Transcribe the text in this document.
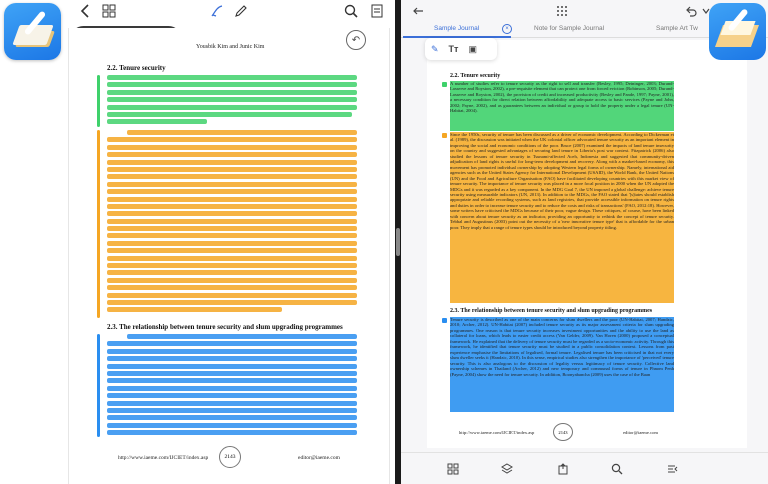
Yousbik Kim and Junic Kim
↶
2.2. Tenure security
2.3. The relationship between tenure security and slum upgrading programmes
http://www.iaeme.com/IJCIET/index.asp	2143	editor@iaeme.com
Sample Journal	Note for Sample Journal	Sample Art Tw
×
✎ Tт ▣
2.2. Tenure security
A number of studies refer to tenure security as the right to sell and transfer (Besley, 1995; Deininger, 2003; Durand-Lasserve and Royston, 2002), a pre-requisite element that can protect one from forced eviction (Robinson, 2005; Durand-Lasserve and Royston, 2002), the provision of credit and increased productivity (Besley and Pande, 1997; Payne, 2001), a necessary condition for direct relation between affordability and adequate access to basic services (Payne and John, 2002; Payne, 2002), and as guarantees between an individual or group to hold the property under a legal tenure (UN-Habitat, 2004).
Since the 1950s, security of tenure has been discussed as a driver of economic development. According to Dickerman et al. (1989), the discussion was initiated when the UK colonial officer advocated tenure security as an important element in improving the social and economic conditions of the poor. Bruce (2007) examined the impacts of land tenure insecurity on the country and suggested advantages of securing land tenure in Liberia's post war context. Fitzpatrick (2006) also studied the lessons of tenure security in Tsunami-affected Aceh, Indonesia and suggested that community-driven adjudication of land rights is useful for long-term development and recovery. Along with a market-based economy, this movement has promoted individual ownership by adopting Western legal forms of ownership. Namely, international aid agencies such as the United States Agency for International Development (USAID), the World Bank, the United Nations (UN) and the Food and Agriculture Organisation (FAO) have facilitated developing countries with this market view of tenure security. The importance of tenure security was placed in a more focal position in 2000 when the UN adopted the MDGs and it was regarded as a key component. In the MDG Goal 7, the UN imposed a global challenge: achieve tenure security using measurable indicators (UN, 2013). In addition to the MDGs, the FAO stated that '[s]tates should establish appropriate and reliable recording systems, such as land registries, that provide accessible information on tenure rights and duties in order to increase tenure security and to reduce the costs and risks of transactions' (FAO, 2012:18). However, some writers have criticised the MDGs because of their poor, vague design. These critiques, of course, have been linked with concern about tenure security as an indicator, providing an opportunity to rethink the concept of tenure security. Tebbal and Augustinus (2003) point out the necessity of a 'new innovative tenure type' that is affordable for the urban poor. They imply that a range of tenure types should be introduced beyond property titling.
2.3. The relationship between tenure security and slum upgrading programmes
Tenure security is described as one of the main concerns for slum dwellers and the poor (UN-Habitat, 2007; Handzic, 2010; Archer, 2012). UN-Habitat (2007) included tenure security as its major assessment criteria for slum upgrading programmes. One reason is that tenure security increases investment opportunities and the ability to use the land as collateral for loans, which leads to easier credit access (Van Gelder, 2009). Van Horen (2000) proposed a conceptual framework. He explained that the delivery of tenure security must be regarded as a socio-economic activity. Through this framework, he identified that tenure security must be studied in a public consolidation context. Lessons from past experience emphasise the limitations of legalised, formal tenure. Legalised tenure has been criticised in that not every slum dweller seeks it (Handzic, 2010). In this sense, empirical studies also strengthen the importance of 'perceived' tenure security. This is also analogous to the discussion of legality versus legitimacy of tenure security. Collective land ownership schemes in Thailand (Archer, 2012) and new temporary and communal forms of tenure in Phnom Penh (Payne, 2004) show the need for tenure security. In addition, Boonyabancha (2009) uses the case of the Baan
http://www.iaeme.com/IJCIET/index.asp	2143	editor@iaeme.com
